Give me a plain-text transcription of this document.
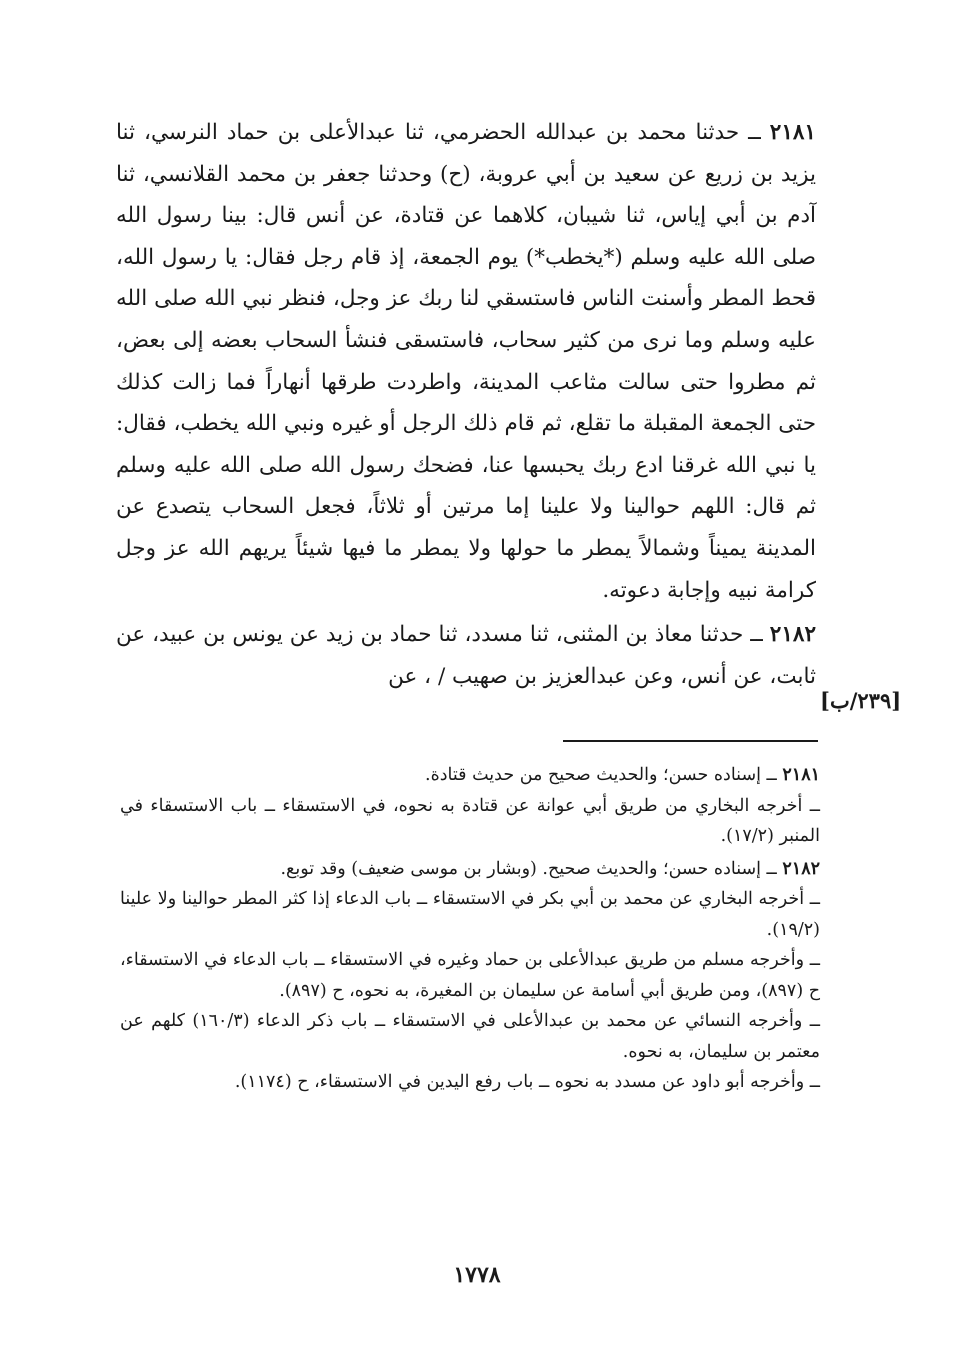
٢١٨١ ــ حدثنا محمد بن عبدالله الحضرمي، ثنا عبدالأعلى بن حماد النرسي، ثنا يزيد بن زريع عن سعيد بن أبي عروبة، (ح) وحدثنا جعفر بن محمد القلانسي، ثنا آدم بن أبي إياس، ثنا شيبان، كلاهما عن قتادة، عن أنس قال: بينا رسول الله صلى الله عليه وسلم (*يخطب*) يوم الجمعة، إذ قام رجل فقال: يا رسول الله، قحط المطر وأسنت الناس فاستسقي لنا ربك عز وجل، فنظر نبي الله صلى الله عليه وسلم وما نرى من كثير سحاب، فاستسقى فنشأ السحاب بعضه إلى بعض، ثم مطروا حتى سالت مثاعب المدينة، واطردت طرقها أنهاراً فما زالت كذلك حتى الجمعة المقبلة ما تقلع، ثم قام ذلك الرجل أو غيره ونبي الله يخطب، فقال: يا نبي الله غرقنا ادع ربك يحبسها عنا، فضحك رسول الله صلى الله عليه وسلم ثم قال: اللهم حوالينا ولا علينا إما مرتين أو ثلاثاً، فجعل السحاب يتصدع عن المدينة يميناً وشمالاً يمطر ما حولها ولا يمطر ما فيها شيئاً يريهم الله عز وجل كرامة نبيه وإجابة دعوته.

٢١٨٢ ــ حدثنا معاذ بن المثنى، ثنا مسدد، ثنا حماد بن زيد عن يونس بن عبيد، عن ثابت، عن أنس، وعن عبدالعزيز بن صهيب / ، عن

[٢٣٩/ب]

٢١٨١ ــ إسناده حسن؛ والحديث صحيح من حديث قتادة.

ــ أخرجه البخاري من طريق أبي عوانة عن قتادة به نحوه، في الاستسقاء ــ باب الاستسقاء في المنبر (١٧/٢).

٢١٨٢ ــ إسناده حسن؛ والحديث صحيح. (وبشار بن موسى ضعيف) وقد توبع.

ــ أخرجه البخاري عن محمد بن أبي بكر في الاستسقاء ــ باب الدعاء إذا كثر المطر حوالينا ولا علينا (١٩/٢).

ــ وأخرجه مسلم من طريق عبدالأعلى بن حماد وغيره في الاستسقاء ــ باب الدعاء في الاستسقاء، ح (٨٩٧)، ومن طريق أبي أسامة عن سليمان بن المغيرة، به نحوه، ح (٨٩٧).

ــ وأخرجه النسائي عن محمد بن عبدالأعلى في الاستسقاء ــ باب ذكر الدعاء (١٦٠/٣) كلهم عن معتمر بن سليمان، به نحوه.

ــ وأخرجه أبو داود عن مسدد به نحوه ــ باب رفع اليدين في الاستسقاء، ح (١١٧٤).

١٧٧٨
